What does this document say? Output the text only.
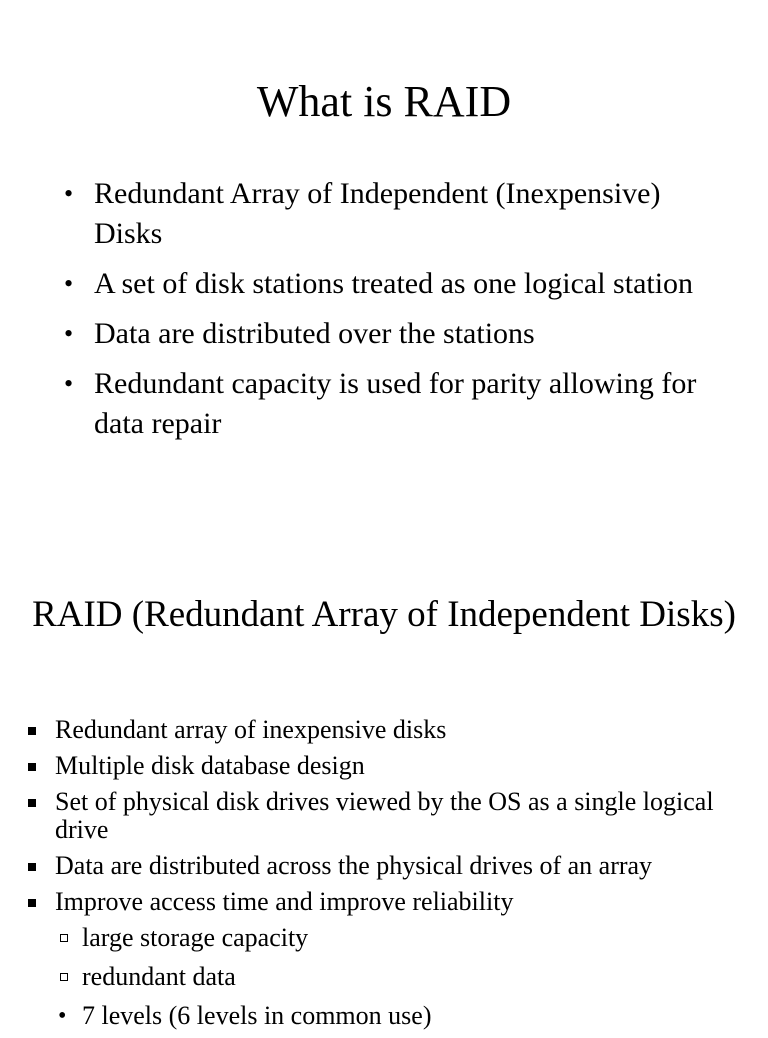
What is RAID
• Redundant Array of Independent (Inexpensive) Disks
• A set of disk stations treated as one logical station
• Data are distributed over the stations
• Redundant capacity is used for parity allowing for data repair
RAID (Redundant Array of Independent Disks)
Redundant array of inexpensive disks
Multiple disk database design
Set of physical disk drives viewed by the OS as a single logical drive
Data are distributed across the physical drives of an array
Improve access time and improve reliability
large storage capacity
redundant data
• 7 levels (6 levels in common use)
